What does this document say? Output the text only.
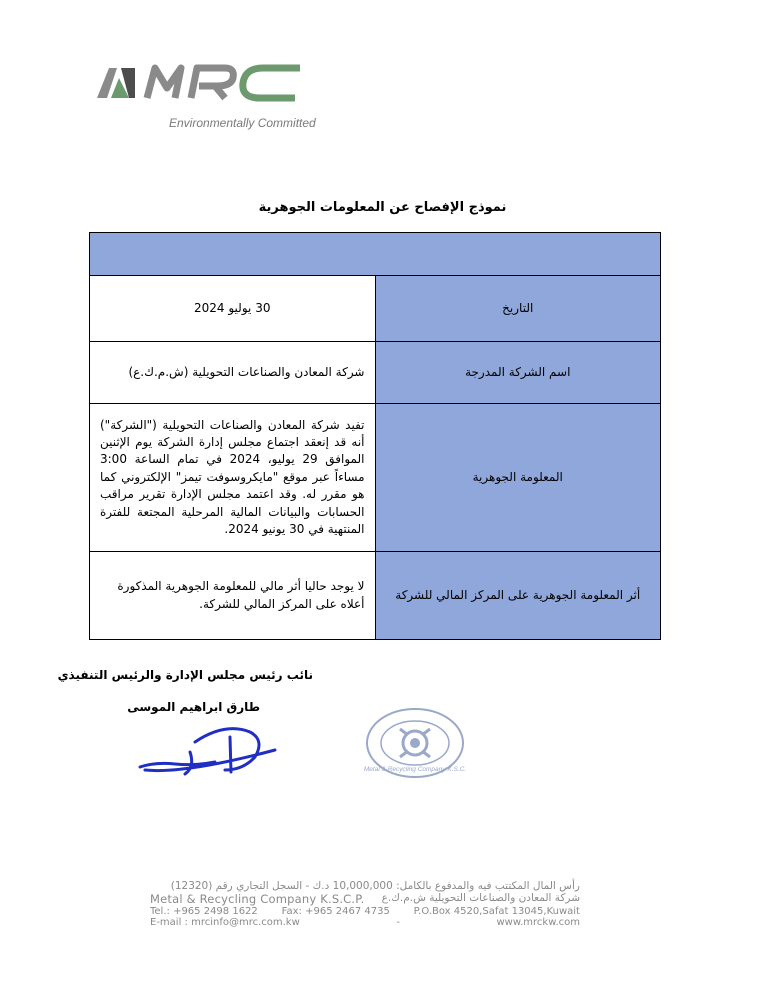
Environmentally Committed
نموذج الإفصاح عن المعلومات الجوهرية

التاريخ	30 يوليو 2024
اسم الشركة المدرجة	شركة المعادن والصناعات التحويلية (ش.م.ك.ع)
المعلومة الجوهرية	تفيد شركة المعادن والصناعات التحويلية ("الشركة") أنه قد إنعقد اجتماع مجلس إدارة الشركة يوم الإثنين الموافق 29 يوليو، 2024 في تمام الساعة 3:00 مساءاً عبر موقع "مايكروسوفت تيمز" الإلكتروني كما هو مقرر له. وقد اعتمد مجلس الإدارة تقرير مراقب الحسابات والبيانات المالية المرحلية المجتعة للفترة المنتهية في 30 يونيو 2024.
أثر المعلومة الجوهرية على المركز المالي للشركة	لا يوجد حاليا أثر مالي للمعلومة الجوهرية المذكورة أعلاه على المركز المالي للشركة.
نائب رئيس مجلس الإدارة والرئيس التنفيذي
طارق ابراهيم الموسى
Metal & Recycling Company K.S.C.
رأس المال المكتتب فيه والمدفوع بالكامل: 10,000,000 د.ك - السجل التجاري رقم (12320)
Metal & Recycling Company K.S.C.P. شركة المعادن والصناعات التحويلية ش.م.ك.ع
Tel.: +965 2498 1622 Fax: +965 2467 4735 P.O.Box 4520,Safat 13045,Kuwait
E-mail : mrcinfo@mrc.com.kw	-	www.mrckw.com
